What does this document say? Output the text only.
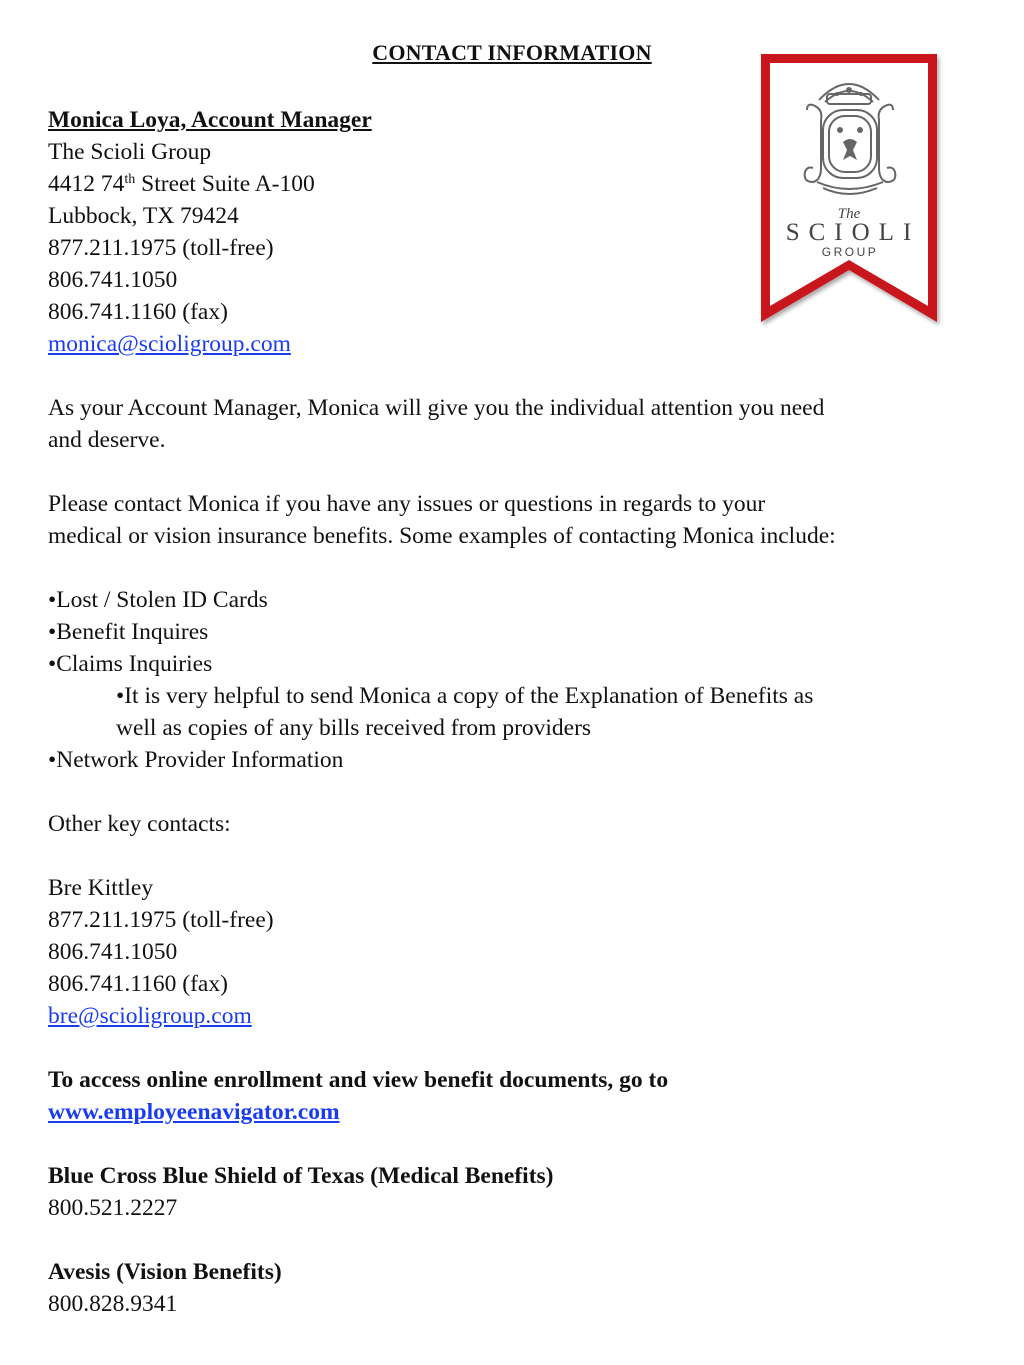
CONTACT INFORMATION
The
SCIOLI
GROUP
Monica Loya, Account Manager
The Scioli Group
4412 74th Street Suite A-100
Lubbock, TX 79424
877.211.1975 (toll-free)
806.741.1050
806.741.1160 (fax)
monica@scioligroup.com
As your Account Manager, Monica will give you the individual attention you need
and deserve.
Please contact Monica if you have any issues or questions in regards to your
medical or vision insurance benefits. Some examples of contacting Monica include:
•Lost / Stolen ID Cards
•Benefit Inquires
•Claims Inquiries
•It is very helpful to send Monica a copy of the Explanation of Benefits as
well as copies of any bills received from providers
•Network Provider Information
Other key contacts:
Bre Kittley
877.211.1975 (toll-free)
806.741.1050
806.741.1160 (fax)
bre@scioligroup.com
To access online enrollment and view benefit documents, go to
www.employeenavigator.com
Blue Cross Blue Shield of Texas (Medical Benefits)
800.521.2227
Avesis (Vision Benefits)
800.828.9341
